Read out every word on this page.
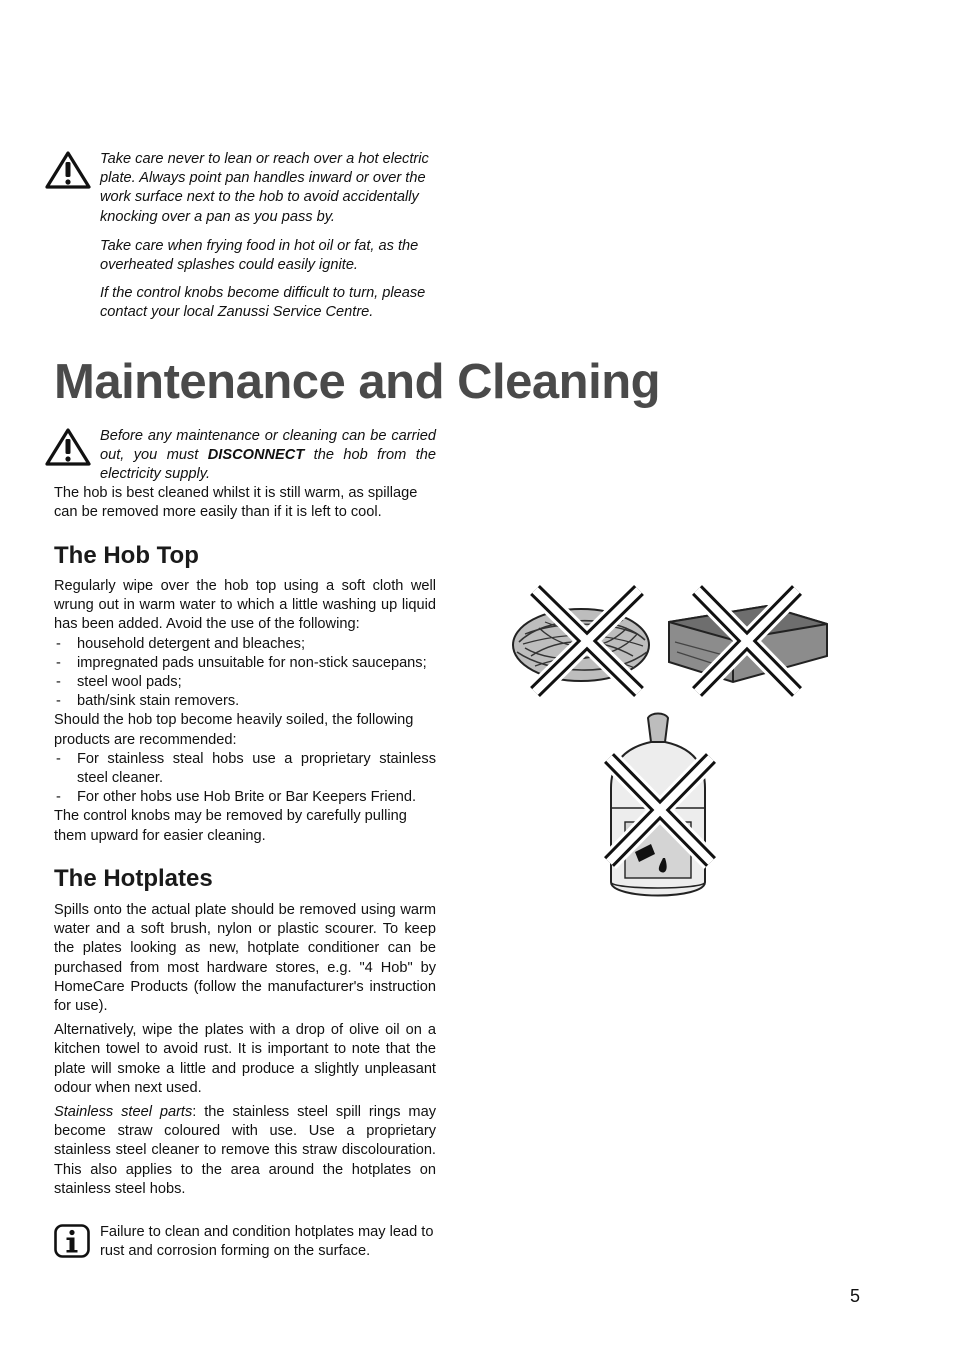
Take care never to lean or reach over a hot electric plate. Always point pan handles inward or over the work surface next to the hob to avoid accidentally knocking over a pan as you pass by.

Take care when frying food in hot oil or fat, as the overheated splashes could easily ignite.

If the control knobs become difficult to turn, please contact your local Zanussi Service Centre.

Maintenance and Cleaning

Before any maintenance or cleaning can be carried out, you must DISCONNECT the hob from the electricity supply.

The hob is best cleaned whilst it is still warm, as spillage can be removed more easily than if it is left to cool.

The Hob Top

Regularly wipe over the hob top using a soft cloth well wrung out in warm water to which a little washing up liquid has been added. Avoid the use of the following:

- household detergent and bleaches;
- impregnated pads unsuitable for non-stick saucepans;
- steel wool pads;
- bath/sink stain removers.

Should the hob top become heavily soiled, the following products are recommended:

- For stainless steal hobs use a proprietary stainless steel cleaner.
- For other hobs use Hob Brite or Bar Keepers Friend.

The control knobs may be removed by carefully pulling them upward for easier cleaning.

The Hotplates

Spills onto the actual plate should be removed using warm water and a soft brush, nylon or plastic scourer. To keep the plates looking as new, hotplate conditioner can be purchased from most hardware stores, e.g. "4 Hob" by HomeCare Products (follow the manufacturer's instruction for use).

Alternatively, wipe the plates with a drop of olive oil on a kitchen towel to avoid rust. It is important to note that the plate will smoke a little and produce a slightly unpleasant odour when next used.

Stainless steel parts: the stainless steel spill rings may become straw coloured with use. Use a proprietary stainless steel cleaner to remove this straw discolouration. This also applies to the area around the hotplates on stainless steel hobs.

Failure to clean and condition hotplates may lead to rust and corrosion forming on the surface.

5
